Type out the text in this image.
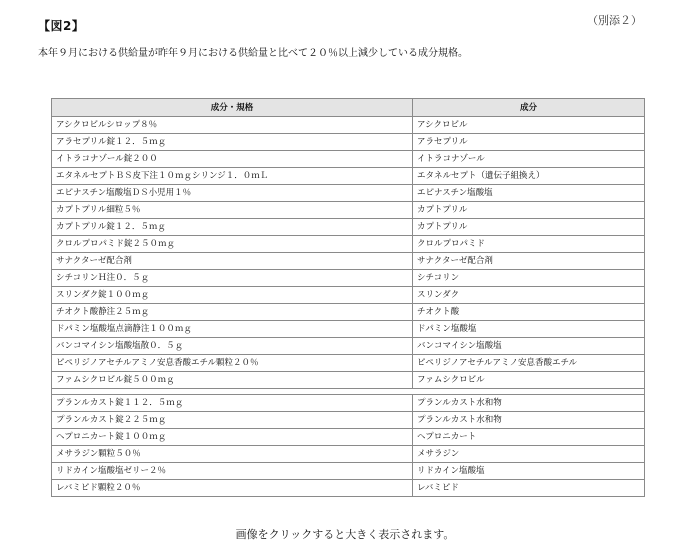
【図2】	（別添２）
本年９月における供給量が昨年９月における供給量と比べて２０％以上減少している成分規格。
成分・規格	成分
アシクロビルシロップ８％	アシクロビル
アラセプリル錠１２．５ｍｇ	アラセプリル
イトラコナゾール錠２００	イトラコナゾール
エタネルセプトＢＳ皮下注１０ｍｇシリンジ１．０ｍＬ	エタネルセプト（遺伝子組換え）
エピナスチン塩酸塩ＤＳ小児用１％	エピナスチン塩酸塩
カプトプリル細粒５％	カプトプリル
カプトプリル錠１２．５ｍｇ	カプトプリル
クロルプロパミド錠２５０ｍｇ	クロルプロパミド
サナクターゼ配合剤	サナクターゼ配合剤
シチコリンＨ注０．５ｇ	シチコリン
スリンダク錠１００ｍｇ	スリンダク
チオクト酸静注２５ｍｇ	チオクト酸
ドパミン塩酸塩点滴静注１００ｍｇ	ドパミン塩酸塩
バンコマイシン塩酸塩散０．５ｇ	バンコマイシン塩酸塩
ピペリジノアセチルアミノ安息香酸エチル顆粒２０％	ピペリジノアセチルアミノ安息香酸エチル
ファムシクロビル錠５００ｍｇ	ファムシクロビル

プランルカスト錠１１２．５ｍｇ	プランルカスト水和物
プランルカスト錠２２５ｍｇ	プランルカスト水和物
ヘプロニカート錠１００ｍｇ	ヘプロニカート
メサラジン顆粒５０％	メサラジン
リドカイン塩酸塩ゼリー２％	リドカイン塩酸塩
レバミピド顆粒２０％	レバミピド
画像をクリックすると大きく表示されます。
